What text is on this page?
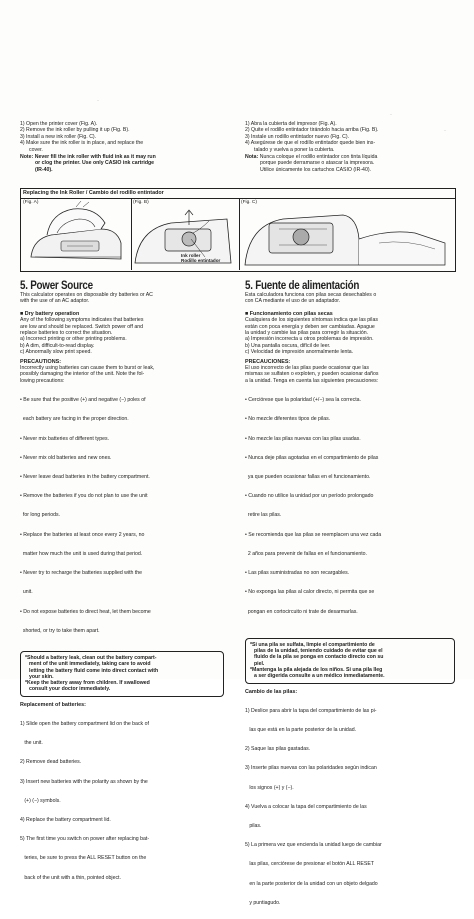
·
·
·

1) Open the printer cover (Fig. A).

2) Remove the ink roller by pulling it up (Fig. B).

3) Install a new ink roller (Fig. C).

4) Make sure the ink roller is in place, and replace the

cover.

Note: Never fill the ink roller with fluid ink as it may run

or clog the printer. Use only CASIO ink cartridge

(IR-40).

1) Abra la cubierta del impresor (Fig. A).

2) Quite el rodillo entintador tirándolo hacia arriba (Fig. B).

3) Instale un rodillo entintador nuevo (Fig. C).

4) Asegúrese de que el rodillo entintador quede bien ins-

talado y vuelva a poner la cubierta.

Nota: Nunca coloque el rodillo entintador con tinta líquida

porque puede derramarse o atascar la impresora.

Utilice únicamente los cartuchos CASIO (IR-40).

Replacing the Ink Roller / Cambio del rodillo entintador
(Fig. A)	(Fig. B)
Ink roller
Rodillo entintador
(Fig. C)
5. Power Source

This calculator operates on disposable dry batteries or AC

with the use of an AC adaptor.

■ Dry battery operation

Any of the following symptoms indicates that batteries

are low and should be replaced. Switch power off and

replace batteries to correct the situation.

a) Incorrect printing or other printing problems.

b) A dim, difficult-to-read display.

c) Abnormally slow print speed.

PRECAUTIONS:

Incorrectly using batteries can cause them to burst or leak,

possibly damaging the interior of the unit. Note the fol-

lowing precautions:

• Be sure that the positive (+) and negative (−) poles of

each battery are facing in the proper direction.

• Never mix batteries of different types.

• Never mix old batteries and new ones.

• Never leave dead batteries in the battery compartment.

• Remove the batteries if you do not plan to use the unit

for long periods.

• Replace the batteries at least once every 2 years, no

matter how much the unit is used during that period.

• Never try to recharge the batteries supplied with the

unit.

• Do not expose batteries to direct heat, let them become

shorted, or try to take them apart.

*Should a battery leak, clean out the battery compart-

ment of the unit immediately, taking care to avoid

letting the battery fluid come into direct contact with

your skin.

*Keep the battery away from children. If swallowed

consult your doctor immediately.

Replacement of batteries:

1) Slide open the battery compartment lid on the back of

the unit.

2) Remove dead batteries.

3) Insert new batteries with the polarity as shown by the

(+) (−) symbols.

4) Replace the battery compartment lid.

5) The first time you switch on power after replacing bat-

teries, be sure to press the ALL RESET button on the

back of the unit with a thin, pointed object.

5. Fuente de alimentación

Esta calculadora funciona con pilas secas desechables o

con CA mediante el uso de un adaptador.

■ Funcionamiento con pilas secas

Cualquiera de los siguientes síntomas indica que las pilas

están con poca energía y deben ser cambiadas. Apague

la unidad y cambie las pilas para corregir la situación.

a) Impresión incorrecta u otros problemas de impresión.

b) Una pantalla oscura, difícil de leer.

c) Velocidad de impresión anormalmente lenta.

PRECAUCIONES:

El uso incorrecto de las pilas puede ocasionar que las

mismas se sulfaten o exploten, y pueden ocasionar daños

a la unidad. Tenga en cuenta las siguientes precauciones:

• Cerciórese que la polaridad (+/−) sea la correcta.

• No mezcle diferentes tipos de pilas.

• No mezcle las pilas nuevas con las pilas usadas.

• Nunca deje pilas agotadas en el compartimiento de pilas

ya que pueden ocasionar fallas en el funcionamiento.

• Cuando no utilice la unidad por un período prolongado

retire las pilas.

• Se recomienda que las pilas se reemplacen una vez cada

2 años para prevenir de fallas en el funcionamiento.

• Las pilas suministradas no son recargables.

• No exponga las pilas al calor directo, ni permita que se

pongan en cortocircuito ni trate de desarmarlas.

*Si una pila se sulfata, limpie el compartimiento de

pilas de la unidad, teniendo cuidado de evitar que el

fluido de la pila se ponga en contacto directo con su

piel.

*Mantenga la pila alejada de los niños. Si una pila lleg

a ser digerida consulte a un médico inmediatamente.

Cambio de las pilas:

1) Deslice para abrir la tapa del compartimiento de las pi-

las que está en la parte posterior de la unidad.

2) Saque las pilas gastadas.

3) Inserte pilas nuevas con las polaridades según indican

los signos (+) y (−).

4) Vuelva a colocar la tapa del compartimiento de las

pilas.

5) La primera vez que encienda la unidad luego de cambiar

las pilas, cerciórese de presionar el botón ALL RESET

en la parte posterior de la unidad con un objeto delgado

y puntiagudo.
